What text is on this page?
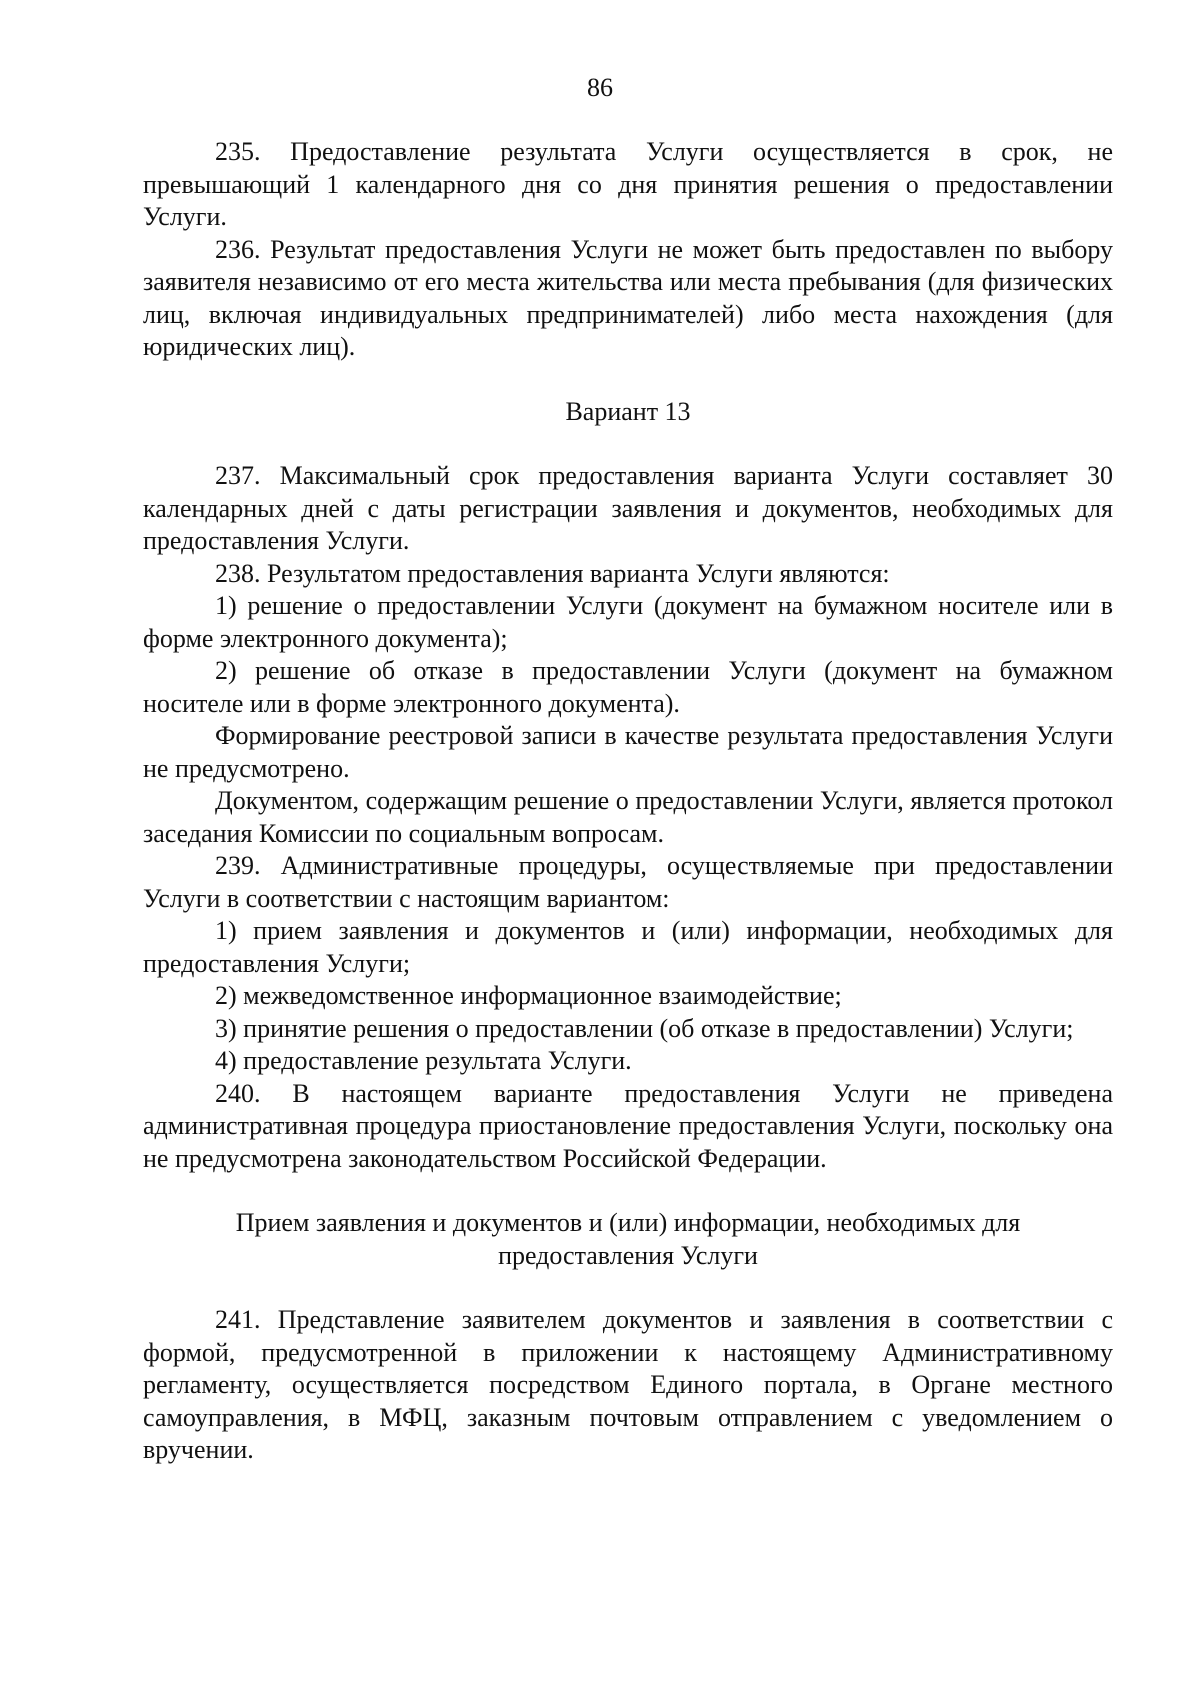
86

235. Предоставление результата Услуги осуществляется в срок, не превышающий 1 календарного дня со дня принятия решения о предоставлении Услуги.

236. Результат предоставления Услуги не может быть предоставлен по выбору заявителя независимо от его места жительства или места пребывания (для физических лиц, включая индивидуальных предпринимателей) либо места нахождения (для юридических лиц).

Вариант 13

237. Максимальный срок предоставления варианта Услуги составляет 30 календарных дней с даты регистрации заявления и документов, необходимых для предоставления Услуги.

238. Результатом предоставления варианта Услуги являются:

1) решение о предоставлении Услуги (документ на бумажном носителе или в форме электронного документа);

2) решение об отказе в предоставлении Услуги (документ на бумажном носителе или в форме электронного документа).

Формирование реестровой записи в качестве результата предоставления Услуги не предусмотрено.

Документом, содержащим решение о предоставлении Услуги, является протокол заседания Комиссии по социальным вопросам.

239. Административные процедуры, осуществляемые при предоставлении Услуги в соответствии с настоящим вариантом:

1) прием заявления и документов и (или) информации, необходимых для предоставления Услуги;

2) межведомственное информационное взаимодействие;

3) принятие решения о предоставлении (об отказе в предоставлении) Услуги;

4) предоставление результата Услуги.

240. В настоящем варианте предоставления Услуги не приведена административная процедура приостановление предоставления Услуги, поскольку она не предусмотрена законодательством Российской Федерации.

Прием заявления и документов и (или) информации, необходимых для предоставления Услуги

241. Представление заявителем документов и заявления в соответствии с формой, предусмотренной в приложении к настоящему Административному регламенту, осуществляется посредством Единого портала, в Органе местного самоуправления, в МФЦ, заказным почтовым отправлением с уведомлением о вручении.
